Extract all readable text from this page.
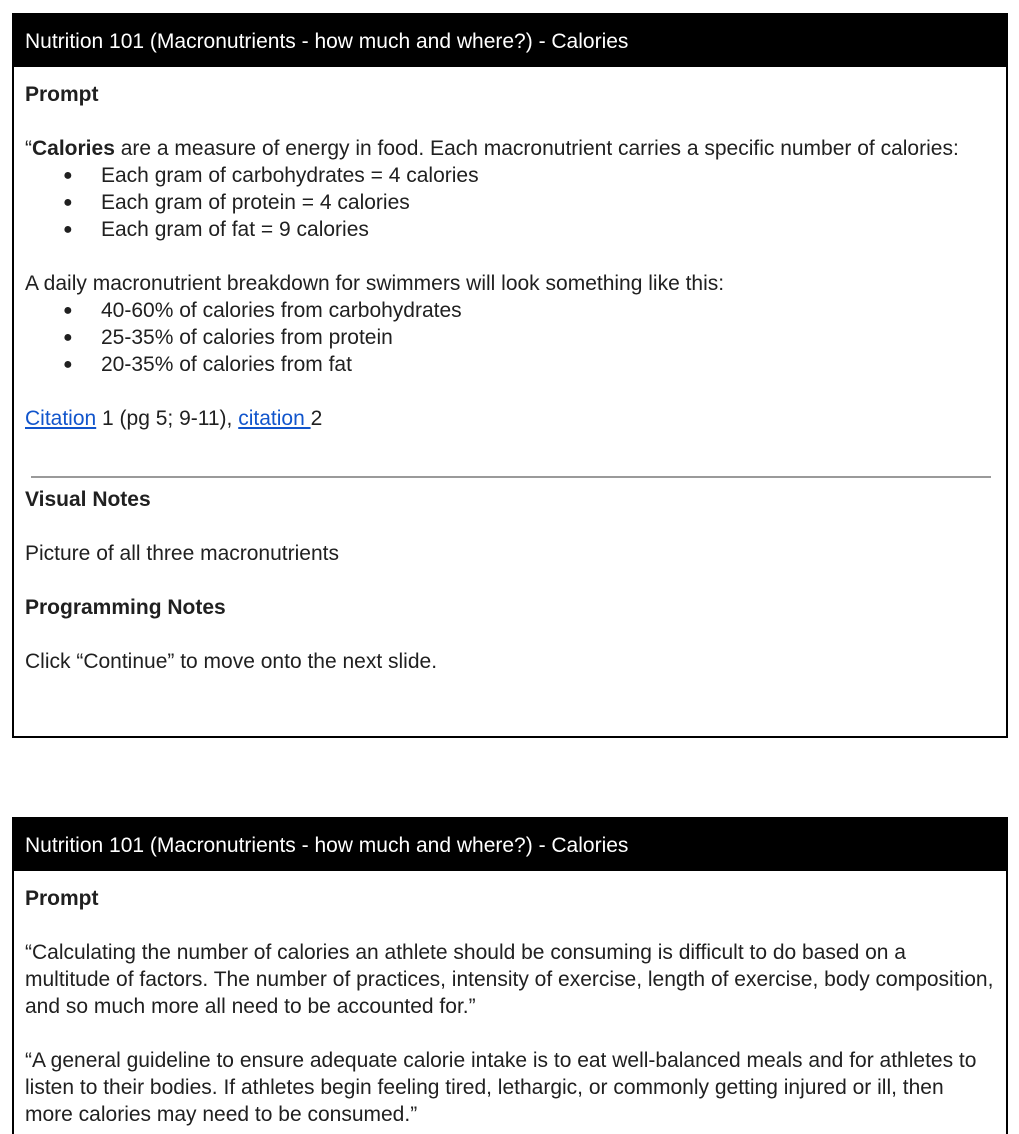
Nutrition 101 (Macronutrients - how much and where?) - Calories

Prompt

“Calories are a measure of energy in food. Each macronutrient carries a specific number of calories:

● Each gram of carbohydrates = 4 calories
● Each gram of protein = 4 calories
● Each gram of fat = 9 calories

A daily macronutrient breakdown for swimmers will look something like this:

● 40-60% of calories from carbohydrates
● 25-35% of calories from protein
● 20-35% of calories from fat

Citation 1 (pg 5; 9-11), citation 2

Visual Notes

Picture of all three macronutrients

Programming Notes

Click “Continue” to move onto the next slide.

Nutrition 101 (Macronutrients - how much and where?) - Calories

Prompt

“Calculating the number of calories an athlete should be consuming is difficult to do based on a multitude of factors. The number of practices, intensity of exercise, length of exercise, body composition, and so much more all need to be accounted for.”

“A general guideline to ensure adequate calorie intake is to eat well-balanced meals and for athletes to listen to their bodies. If athletes begin feeling tired, lethargic, or commonly getting injured or ill, then more calories may need to be consumed.”
